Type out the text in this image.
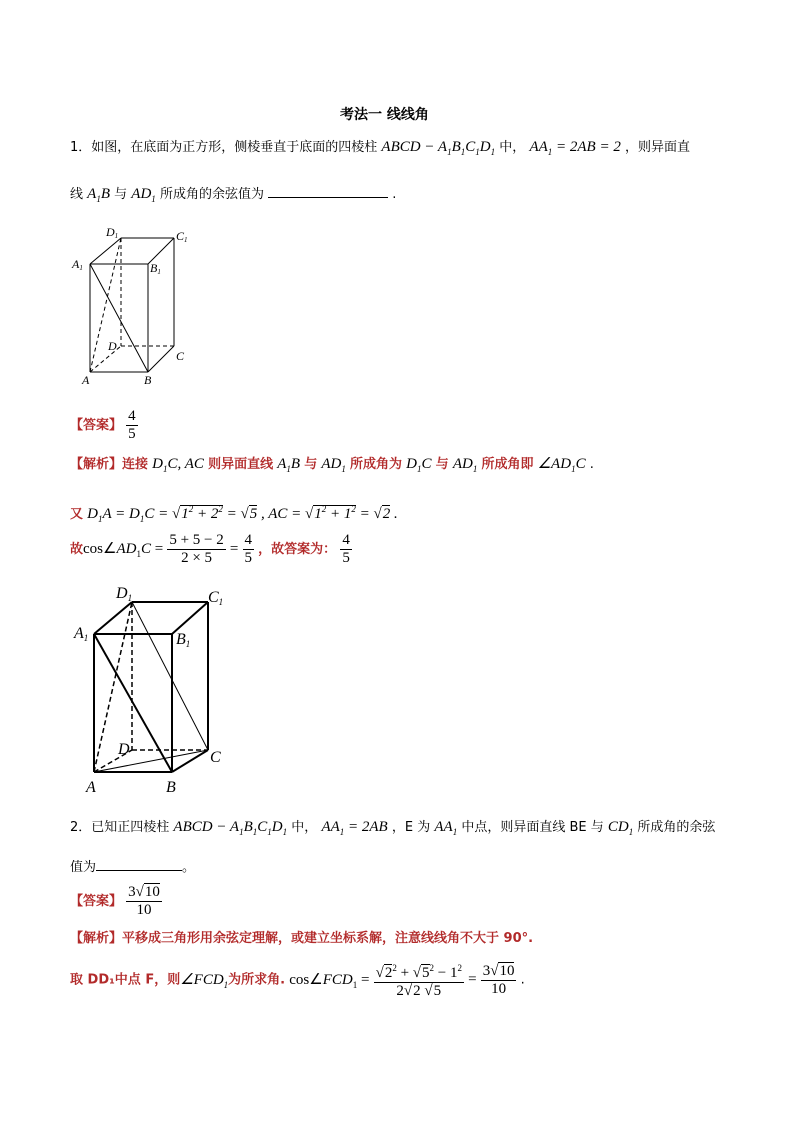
考法一 线线角
1．如图，在底面为正方形，侧棱垂直于底面的四棱柱 ABCD − $A_1B_1C_1D_1$ 中， $AA_1 = 2AB = 2$ ，则异面直
线 $A_1B$ 与 $AD_1$ 所成角的余弦值为	.
D1	C1
A1	B1
D
C
A	B
【答案】 $\frac{4}{5}$
【解析】连接 $D_1C$, AC 则异面直线 $A_1B$ 与 $AD_1$ 所成角为 $D_1C$ 与 $AD_1$ 所成角即 $\angle AD_1C$ .
又 $D_1A = D_1C = √1^2 + 2^2 = √5$ , AC = $√1^2 + 1^2 = √2$ .
故$\cos\angle AD_1C = \frac{5 + 5 - 2}{2 \times 5} = \frac{4}{5}$ ，故答案为： $\frac{4}{5}$
D1	C1
A1	B1
D	C
A	B
2．已知正四棱柱 ABCD − $A_1B_1C_1D_1$ 中， $AA_1 = 2AB$ ，E 为 $AA_1$ 中点，则异面直线 BE 与 $CD_1$ 所成角的余弦
值为	。
【答案】 $\frac{3√10}{10}$
【解析】平移成三角形用余弦定理解，或建立坐标系解，注意线线角不大于 90°.
取 DD₁中点 F，则$\angle FCD_1$为所求角. $\cos\angle FCD_1 = \frac{√2^2 + √5^2 - 1^2}{2√2 √5} = \frac{3√10}{10}$ .
